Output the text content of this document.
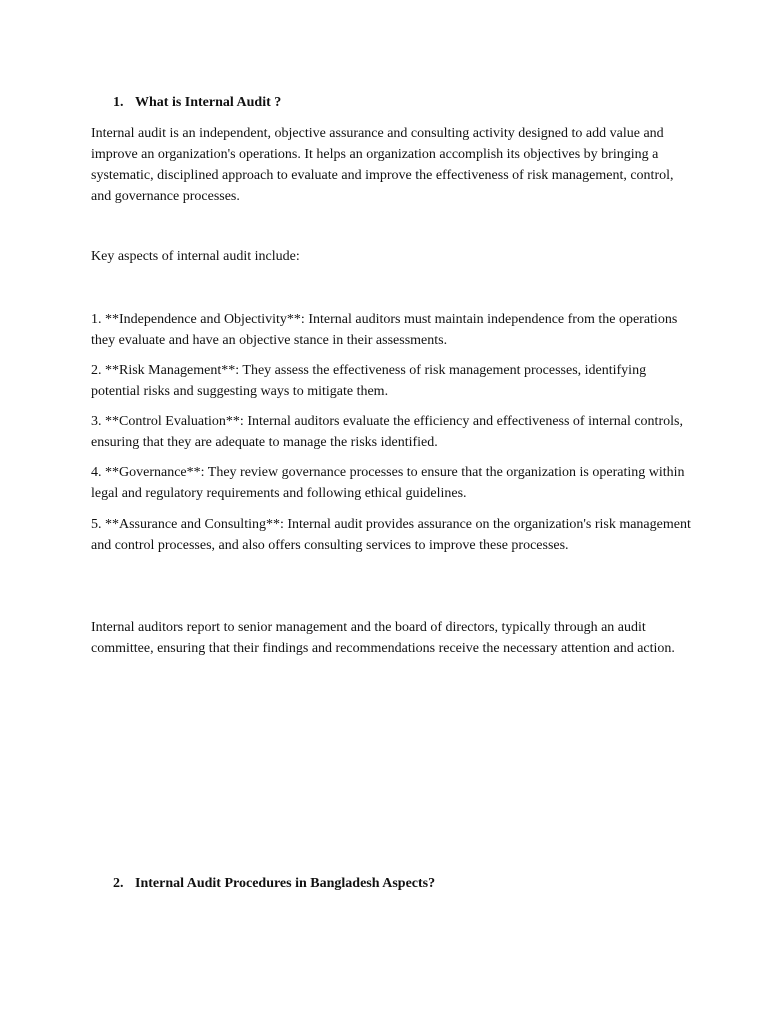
1. What is Internal Audit ?

Internal audit is an independent, objective assurance and consulting activity designed to add value and improve an organization's operations. It helps an organization accomplish its objectives by bringing a systematic, disciplined approach to evaluate and improve the effectiveness of risk management, control, and governance processes.

Key aspects of internal audit include:

1. **Independence and Objectivity**: Internal auditors must maintain independence from the operations they evaluate and have an objective stance in their assessments.

2. **Risk Management**: They assess the effectiveness of risk management processes, identifying potential risks and suggesting ways to mitigate them.

3. **Control Evaluation**: Internal auditors evaluate the efficiency and effectiveness of internal controls, ensuring that they are adequate to manage the risks identified.

4. **Governance**: They review governance processes to ensure that the organization is operating within legal and regulatory requirements and following ethical guidelines.

5. **Assurance and Consulting**: Internal audit provides assurance on the organization's risk management and control processes, and also offers consulting services to improve these processes.

Internal auditors report to senior management and the board of directors, typically through an audit committee, ensuring that their findings and recommendations receive the necessary attention and action.

2. Internal Audit Procedures in Bangladesh Aspects?
